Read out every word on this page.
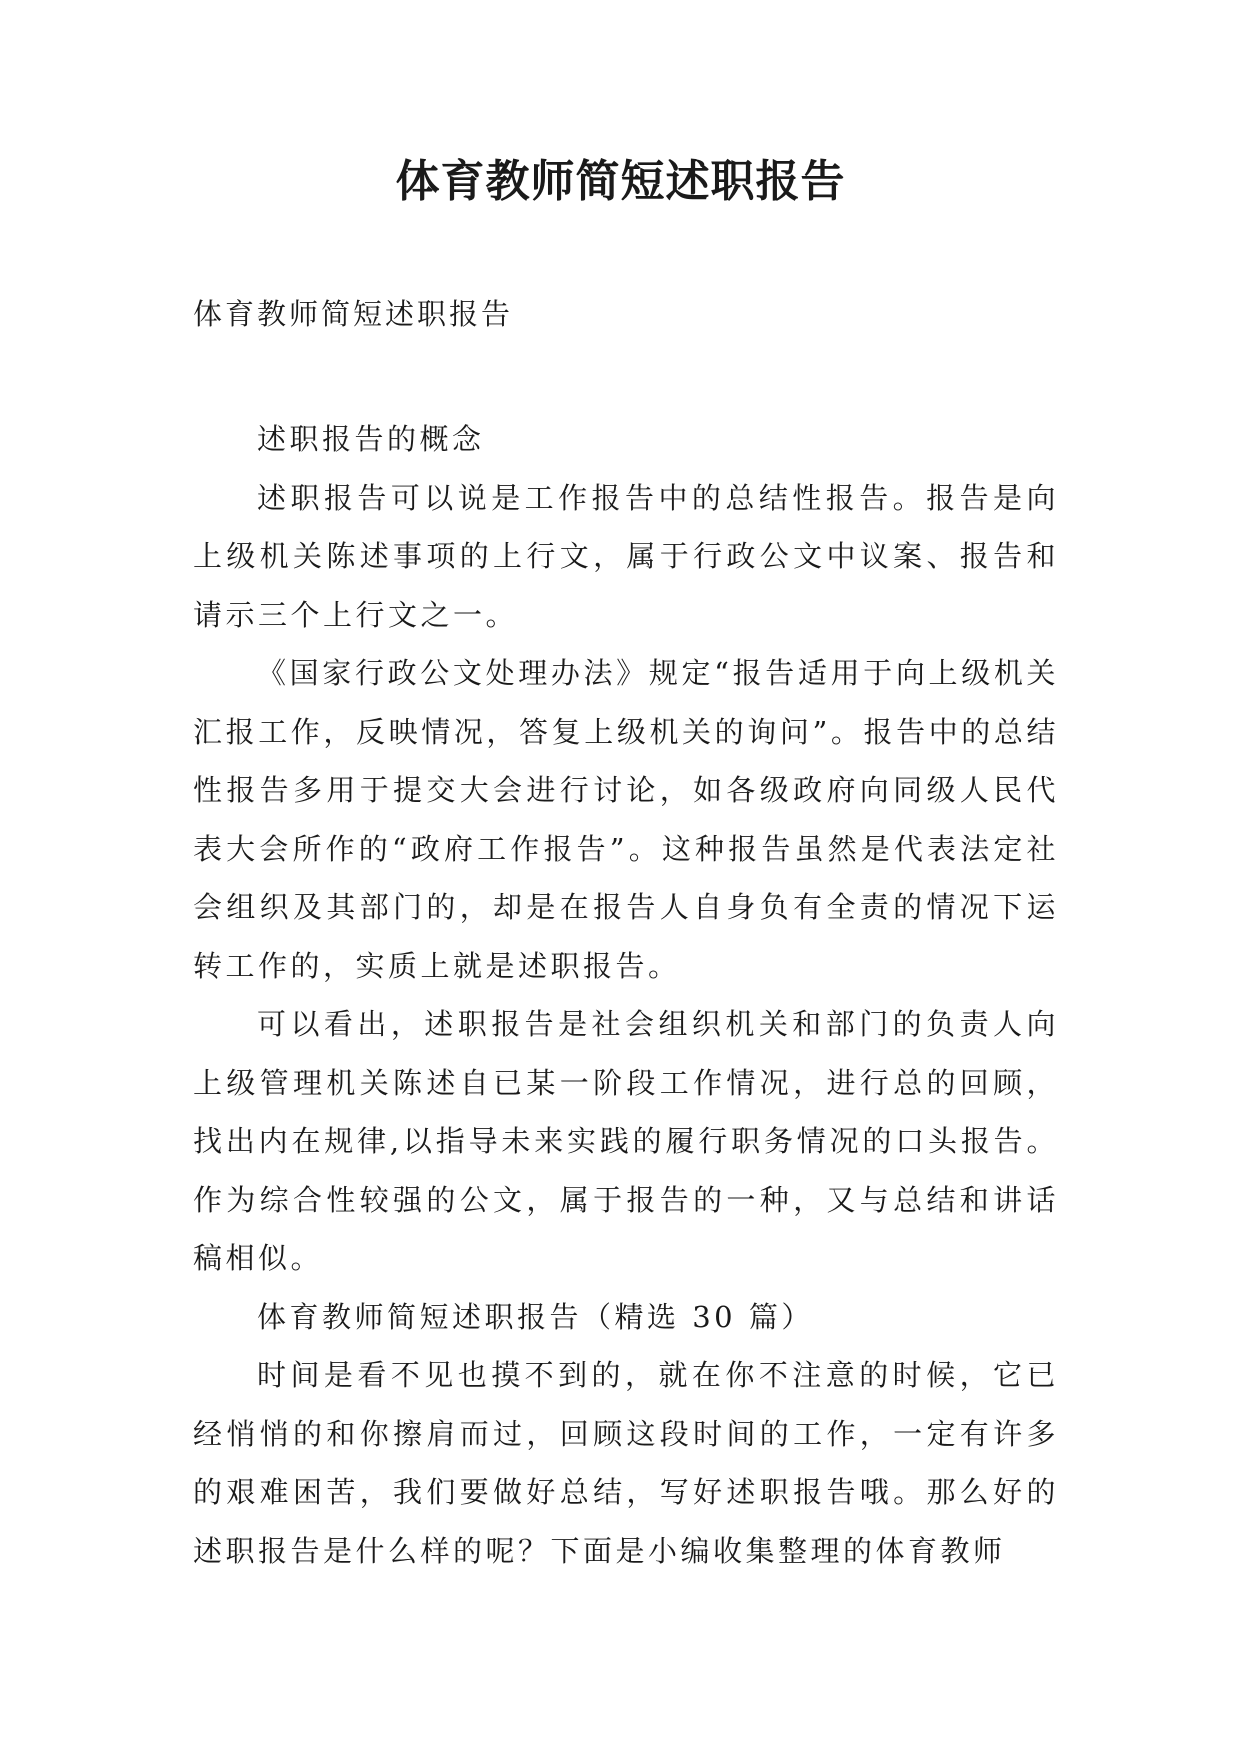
体育教师简短述职报告
体育教师简短述职报告

述职报告的概念

述职报告可以说是工作报告中的总结性报告。报告是向上级机关陈述事项的上行文，属于行政公文中议案、报告和请示三个上行文之一。

《国家行政公文处理办法》规定“报告适用于向上级机关汇报工作，反映情况，答复上级机关的询问”。报告中的总结性报告多用于提交大会进行讨论，如各级政府向同级人民代表大会所作的“政府工作报告”。这种报告虽然是代表法定社会组织及其部门的，却是在报告人自身负有全责的情况下运转工作的，实质上就是述职报告。

可以看出，述职报告是社会组织机关和部门的负责人向上级管理机关陈述自已某一阶段工作情况，进行总的回顾，找出内在规律,以指导未来实践的履行职务情况的口头报告。作为综合性较强的公文，属于报告的一种，又与总结和讲话稿相似。

体育教师简短述职报告（精选 30 篇）

时间是看不见也摸不到的，就在你不注意的时候，它已经悄悄的和你擦肩而过，回顾这段时间的工作，一定有许多的艰难困苦，我们要做好总结，写好述职报告哦。那么好的述职报告是什么样的呢？下面是小编收集整理的体育教师
